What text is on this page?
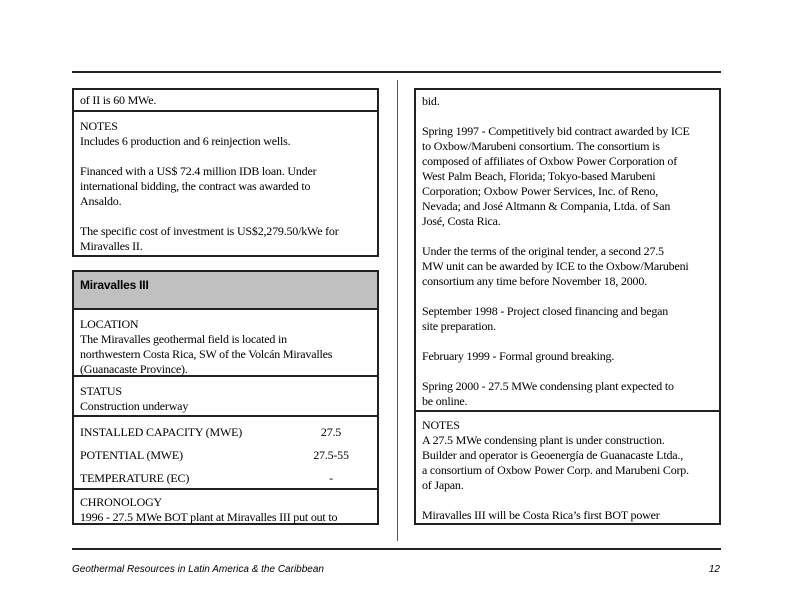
of II is 60 MWe.
NOTES
Includes 6 production and 6 reinjection wells.
Financed with a US$ 72.4 million IDB loan. Under
international bidding, the contract was awarded to
Ansaldo.
The specific cost of investment is US$2,279.50/kWe for
Miravalles II.
Miravalles III
LOCATION
The Miravalles geothermal field is located in
northwestern Costa Rica, SW of the Volcán Miravalles
(Guanacaste Province).
STATUS
Construction underway
INSTALLED CAPACITY (MWE)	27.5
POTENTIAL (MWE)	27.5-55
TEMPERATURE (ЕC)	-
CHRONOLOGY
1996 - 27.5 MWe BOT plant at Miravalles III put out to
bid.
Spring 1997 - Competitively bid contract awarded by ICE
to Oxbow/Marubeni consortium. The consortium is
composed of affiliates of Oxbow Power Corporation of
West Palm Beach, Florida; Tokyo-based Marubeni
Corporation; Oxbow Power Services, Inc. of Reno,
Nevada; and José Altmann & Compania, Ltda. of San
José, Costa Rica.
Under the terms of the original tender, a second 27.5
MW unit can be awarded by ICE to the Oxbow/Marubeni
consortium any time before November 18, 2000.
September 1998 - Project closed financing and began
site preparation.
February 1999 - Formal ground breaking.
Spring 2000 - 27.5 MWe condensing plant expected to
be online.
NOTES
A 27.5 MWe condensing plant is under construction.
Builder and operator is Geoenergía de Guanacaste Ltda.,
a consortium of Oxbow Power Corp. and Marubeni Corp.
of Japan.
Miravalles III will be Costa Rica’s first BOT power
Geothermal Resources in Latin America & the Caribbean	12
